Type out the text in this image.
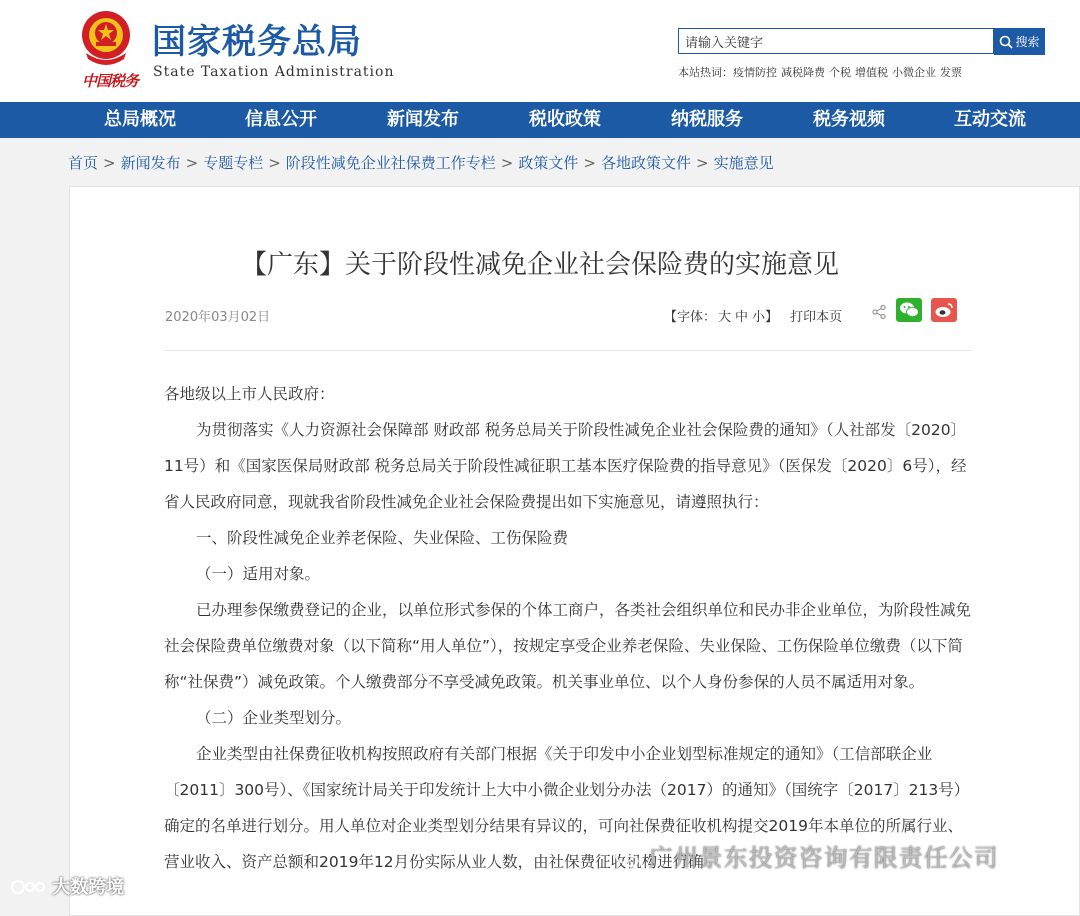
中国税务
国家税务总局
State Taxation Administration
请输入关键字
搜索
本站热词：疫情防控 减税降费 个税 增值税 小微企业 发票
总局概况	信息公开	新闻发布	税收政策	纳税服务	税务视频	互动交流
首页 > 新闻发布 > 专题专栏 > 阶段性减免企业社保费工作专栏 > 政策文件 > 各地政策文件 > 实施意见
【广东】关于阶段性减免企业社会保险费的实施意见
2020年03月02日	【字体： 大 中 小】 打印本页

各地级以上市人民政府：

为贯彻落实《人力资源社会保障部 财政部 税务总局关于阶段性减免企业社会保险费的通知》（人社部发〔2020〕11号）和《国家医保局财政部 税务总局关于阶段性减征职工基本医疗保险费的指导意见》（医保发〔2020〕6号），经省人民政府同意，现就我省阶段性减免企业社会保险费提出如下实施意见，请遵照执行：

一、阶段性减免企业养老保险、失业保险、工伤保险费

（一）适用对象。

已办理参保缴费登记的企业，以单位形式参保的个体工商户，各类社会组织单位和民办非企业单位，为阶段性减免社会保险费单位缴费对象（以下简称“用人单位”），按规定享受企业养老保险、失业保险、工伤保险单位缴费（以下简称“社保费”）减免政策。个人缴费部分不享受减免政策。机关事业单位、以个人身份参保的人员不属适用对象。

（二）企业类型划分。

企业类型由社保费征收机构按照政府有关部门根据《关于印发中小企业划型标准规定的通知》（工信部联企业〔2011〕300号）、《国家统计局关于印发统计上大中小微企业划分办法（2017）的通知》（国统字〔2017〕213号）确定的名单进行划分。用人单位对企业类型划分结果有异议的，可向社保费征收机构提交2019年本单位的所属行业、营业收入、资产总额和2019年12月份实际从业人数，由社保费征收机构进行确

大数跨境
广州景东投资咨询有限责任公司
